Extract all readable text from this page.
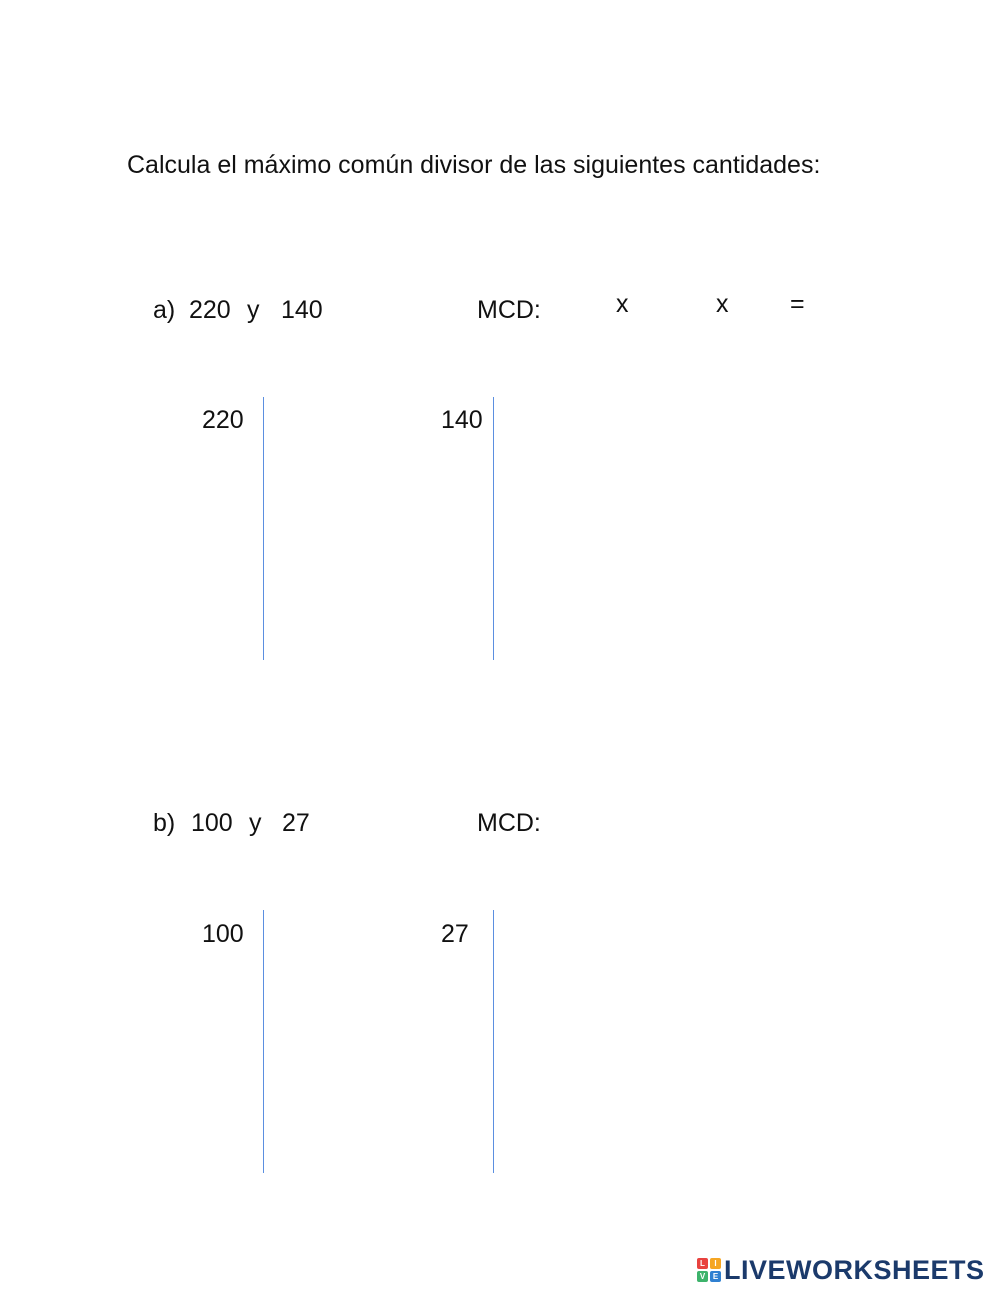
Calcula el máximo común divisor de las siguientes cantidades:
a) 220 y 140	MCD:	x	x =
220	140
b) 100 y 27	MCD:
100	27
L	I
V E LIVEWORKSHEETS
